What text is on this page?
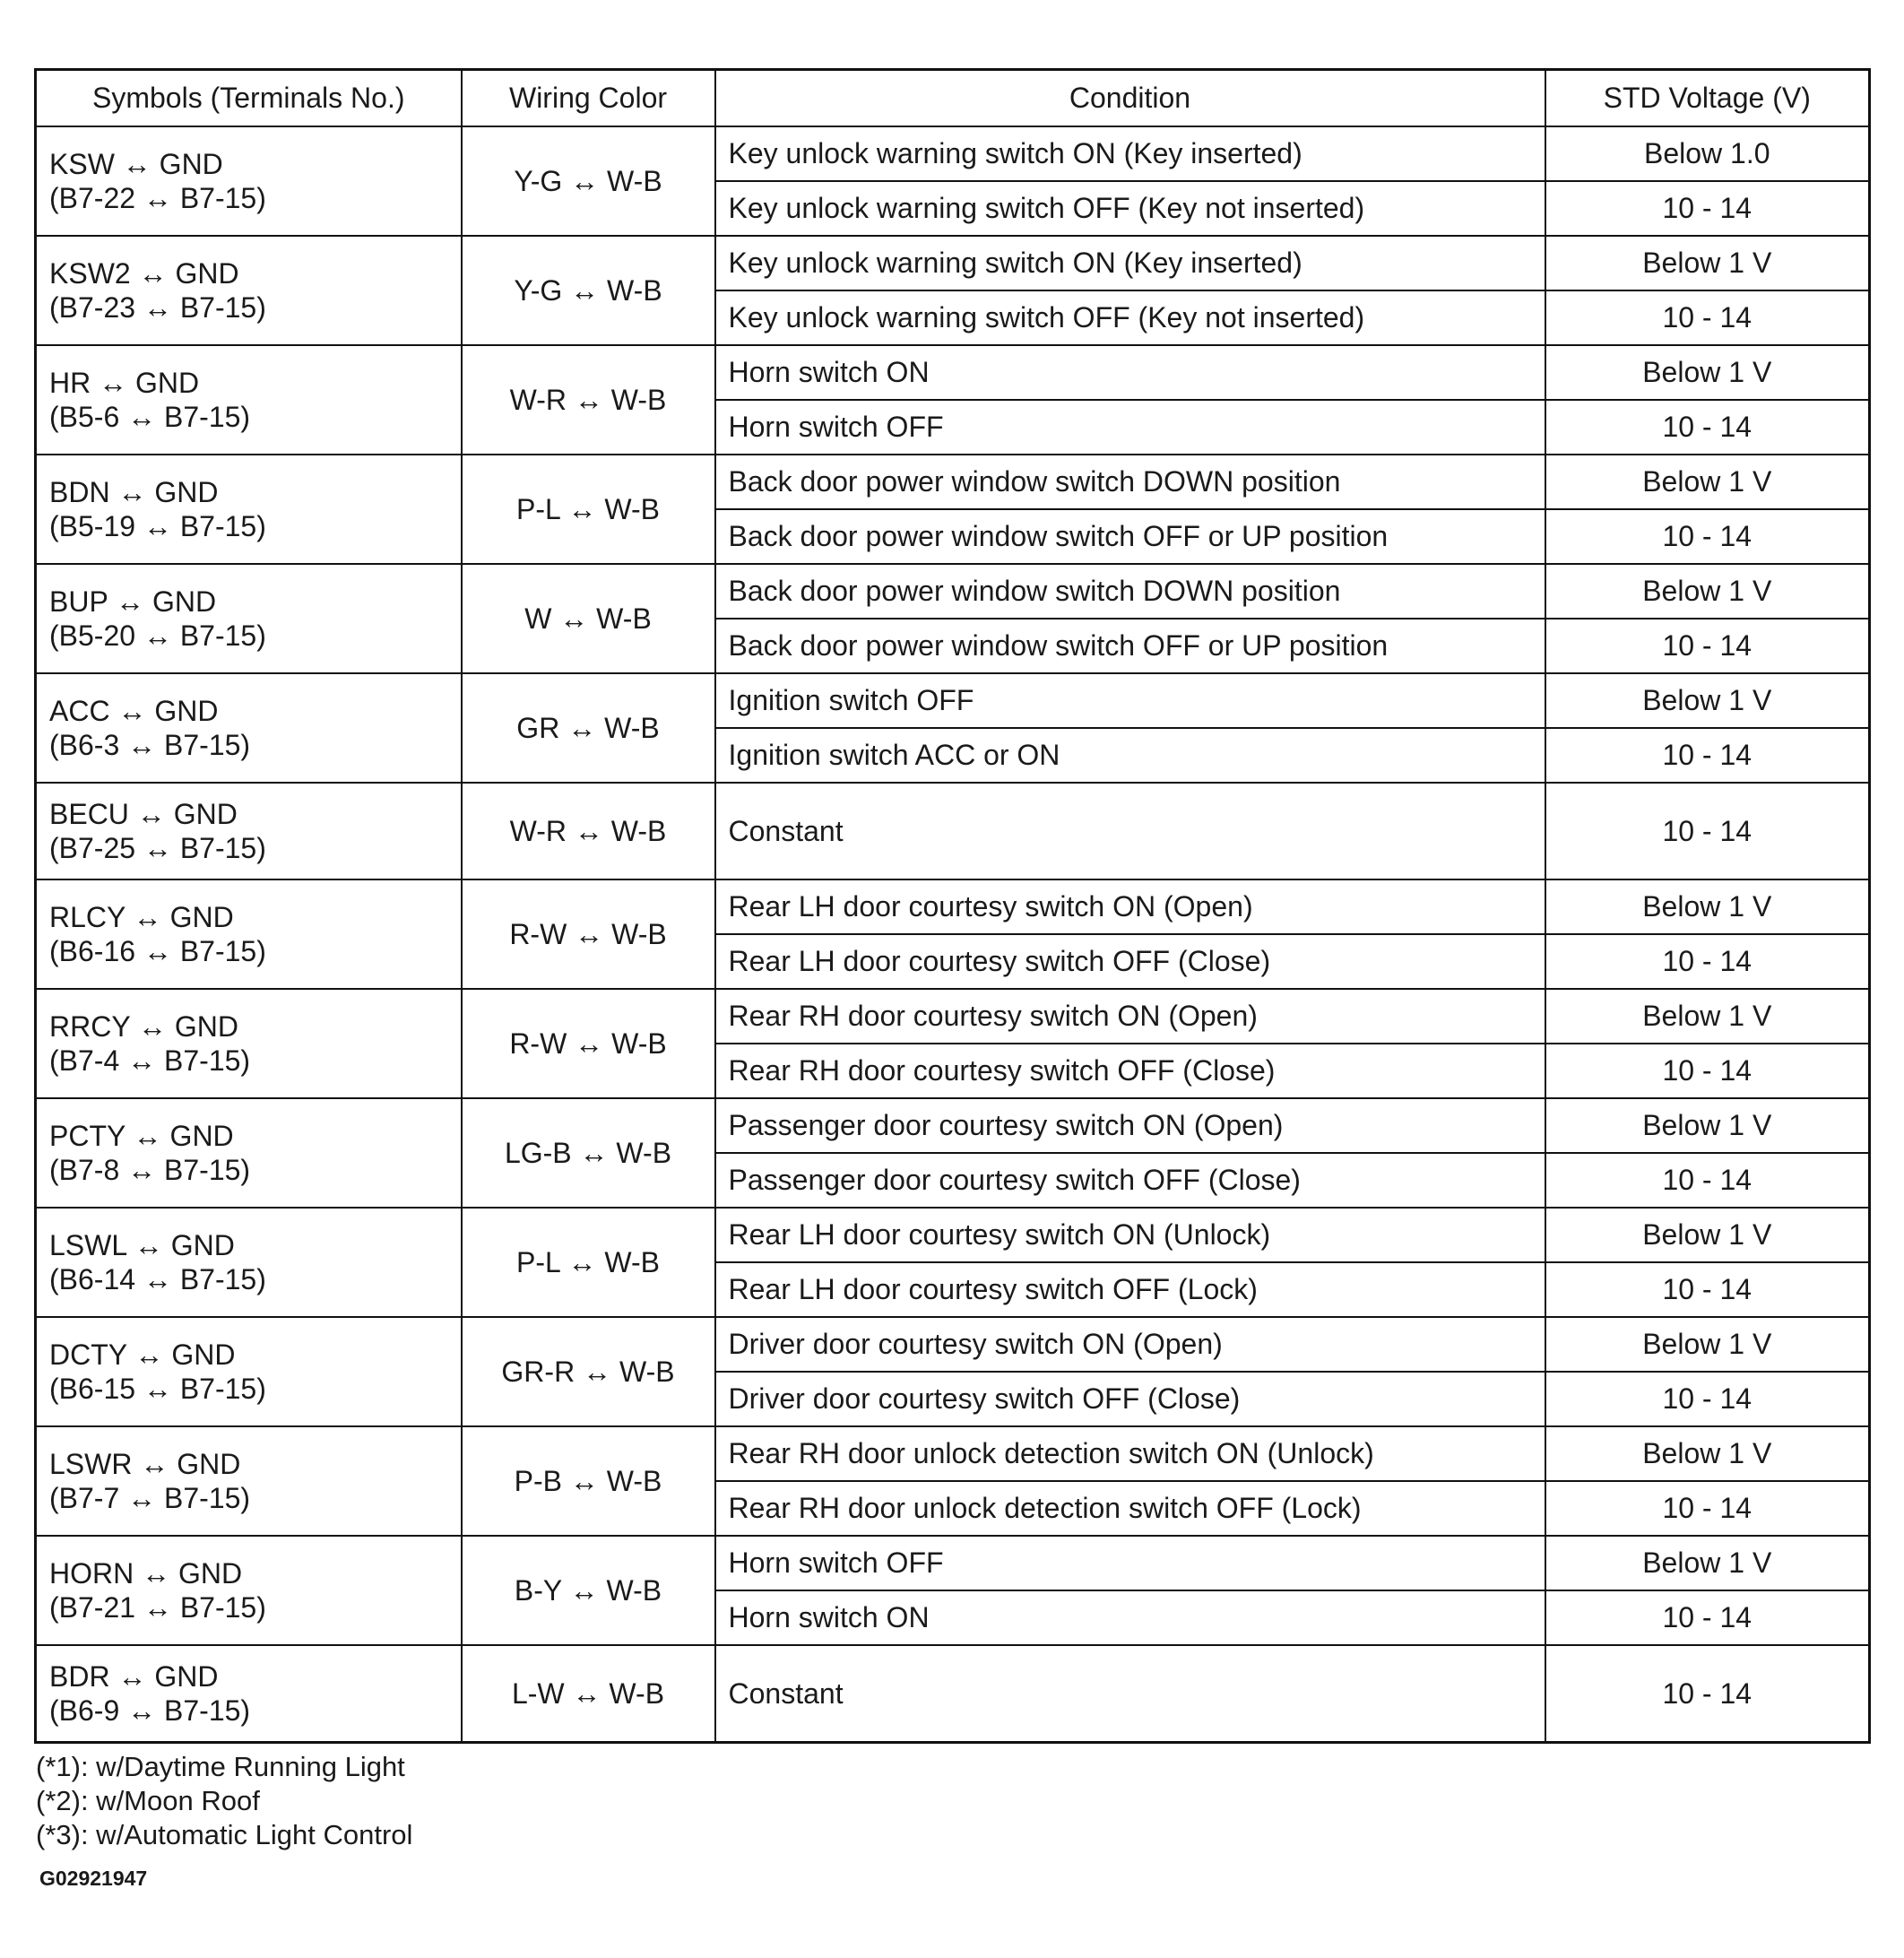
Symbols (Terminals No.)	Wiring Color	Condition	STD Voltage (V)

KSW ↔ GND
(B7-22 ↔ B7-15)	Y-G ↔ W-B	Key unlock warning switch ON (Key inserted)	Below 1.0
		Key unlock warning switch OFF (Key not inserted)	10 - 14

KSW2 ↔ GND
(B7-23 ↔ B7-15)	Y-G ↔ W-B	Key unlock warning switch ON (Key inserted)	Below 1 V
		Key unlock warning switch OFF (Key not inserted)	10 - 14

HR ↔ GND
(B5-6 ↔ B7-15)	W-R ↔ W-B	Horn switch ON	Below 1 V
		Horn switch OFF	10 - 14

BDN ↔ GND
(B5-19 ↔ B7-15)	P-L ↔ W-B	Back door power window switch DOWN position	Below 1 V
		Back door power window switch OFF or UP position	10 - 14

BUP ↔ GND
(B5-20 ↔ B7-15)	W ↔ W-B	Back door power window switch DOWN position	Below 1 V
		Back door power window switch OFF or UP position	10 - 14

ACC ↔ GND
(B6-3 ↔ B7-15)	GR ↔ W-B	Ignition switch OFF	Below 1 V
		Ignition switch ACC or ON	10 - 14

BECU ↔ GND
(B7-25 ↔ B7-15)	W-R ↔ W-B	Constant	10 - 14

RLCY ↔ GND
(B6-16 ↔ B7-15)	R-W ↔ W-B	Rear LH door courtesy switch ON (Open)	Below 1 V
		Rear LH door courtesy switch OFF (Close)	10 - 14

RRCY ↔ GND
(B7-4 ↔ B7-15)	R-W ↔ W-B	Rear RH door courtesy switch ON (Open)	Below 1 V
		Rear RH door courtesy switch OFF (Close)	10 - 14

PCTY ↔ GND
(B7-8 ↔ B7-15)	LG-B ↔ W-B	Passenger door courtesy switch ON (Open)	Below 1 V
		Passenger door courtesy switch OFF (Close)	10 - 14

LSWL ↔ GND
(B6-14 ↔ B7-15)	P-L ↔ W-B	Rear LH door courtesy switch ON (Unlock)	Below 1 V
		Rear LH door courtesy switch OFF (Lock)	10 - 14

DCTY ↔ GND
(B6-15 ↔ B7-15)	GR-R ↔ W-B	Driver door courtesy switch ON (Open)	Below 1 V
		Driver door courtesy switch OFF (Close)	10 - 14

LSWR ↔ GND
(B7-7 ↔ B7-15)	P-B ↔ W-B	Rear RH door unlock detection switch ON (Unlock)	Below 1 V
		Rear RH door unlock detection switch OFF (Lock)	10 - 14

HORN ↔ GND
(B7-21 ↔ B7-15)	B-Y ↔ W-B	Horn switch OFF	Below 1 V
		Horn switch ON	10 - 14

BDR ↔ GND
(B6-9 ↔ B7-15)	L-W ↔ W-B	Constant	10 - 14
(*1): w/Daytime Running Light
(*2): w/Moon Roof
(*3): w/Automatic Light Control
G02921947
